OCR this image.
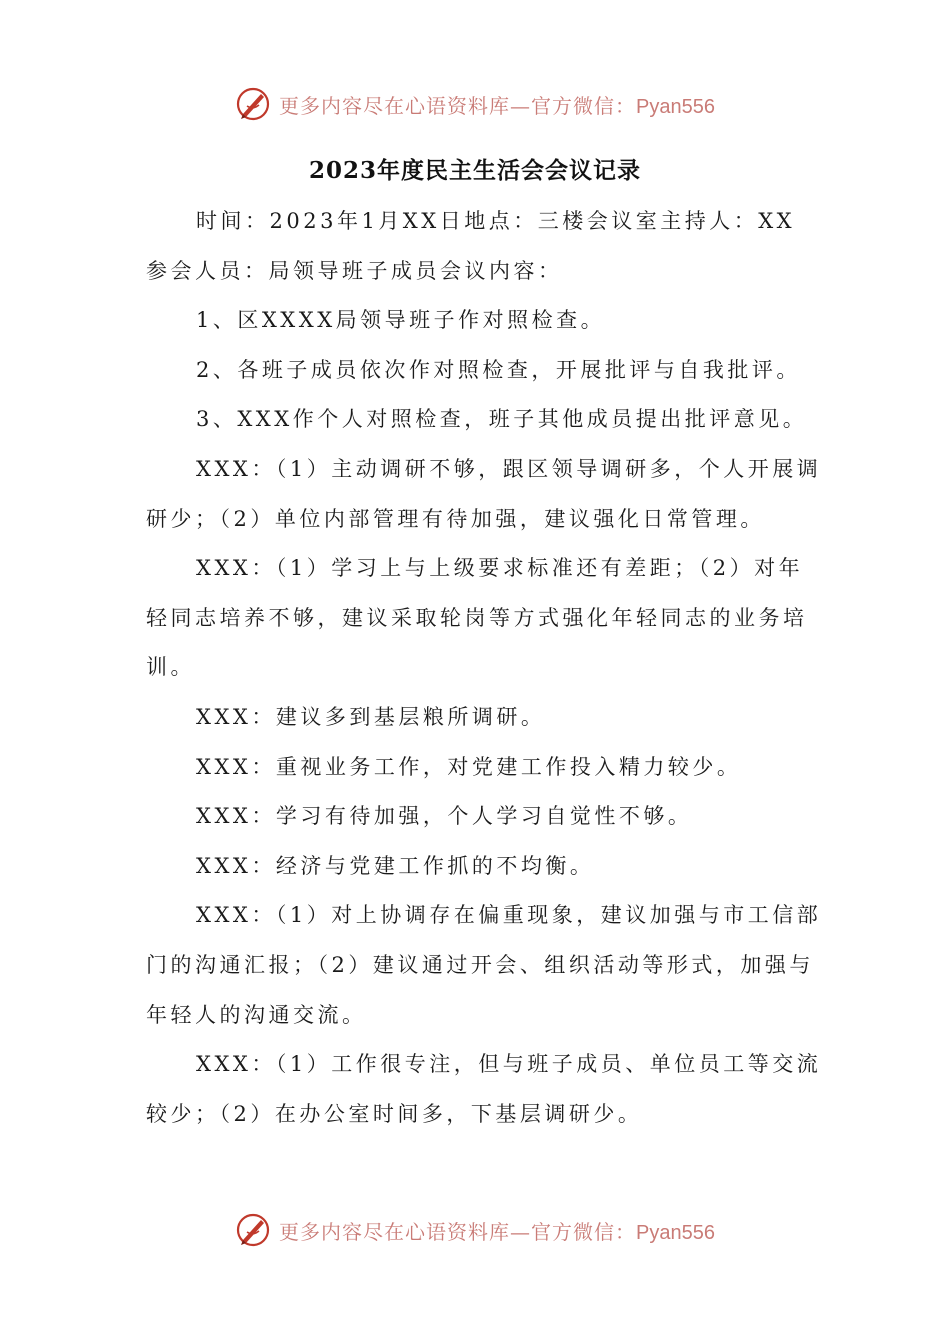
更多内容尽在心语资料库—官方微信：Pyan556
2023年度民主生活会会议记录

时间：2023年1月XX日地点：三楼会议室主持人：XX

参会人员：局领导班子成员会议内容：

1、区XXXX局领导班子作对照检查。

2、各班子成员依次作对照检查，开展批评与自我批评。

3、XXX作个人对照检查，班子其他成员提出批评意见。

XXX：（1）主动调研不够，跟区领导调研多，个人开展调研少；（2）单位内部管理有待加强，建议强化日常管理。

XXX：（1）学习上与上级要求标准还有差距；（2）对年轻同志培养不够，建议采取轮岗等方式强化年轻同志的业务培训。

XXX：建议多到基层粮所调研。

XXX：重视业务工作，对党建工作投入精力较少。

XXX：学习有待加强，个人学习自觉性不够。

XXX：经济与党建工作抓的不均衡。

XXX：（1）对上协调存在偏重现象，建议加强与市工信部门的沟通汇报；（2）建议通过开会、组织活动等形式，加强与年轻人的沟通交流。

XXX：（1）工作很专注，但与班子成员、单位员工等交流较少；（2）在办公室时间多，下基层调研少。

更多内容尽在心语资料库—官方微信：Pyan556
